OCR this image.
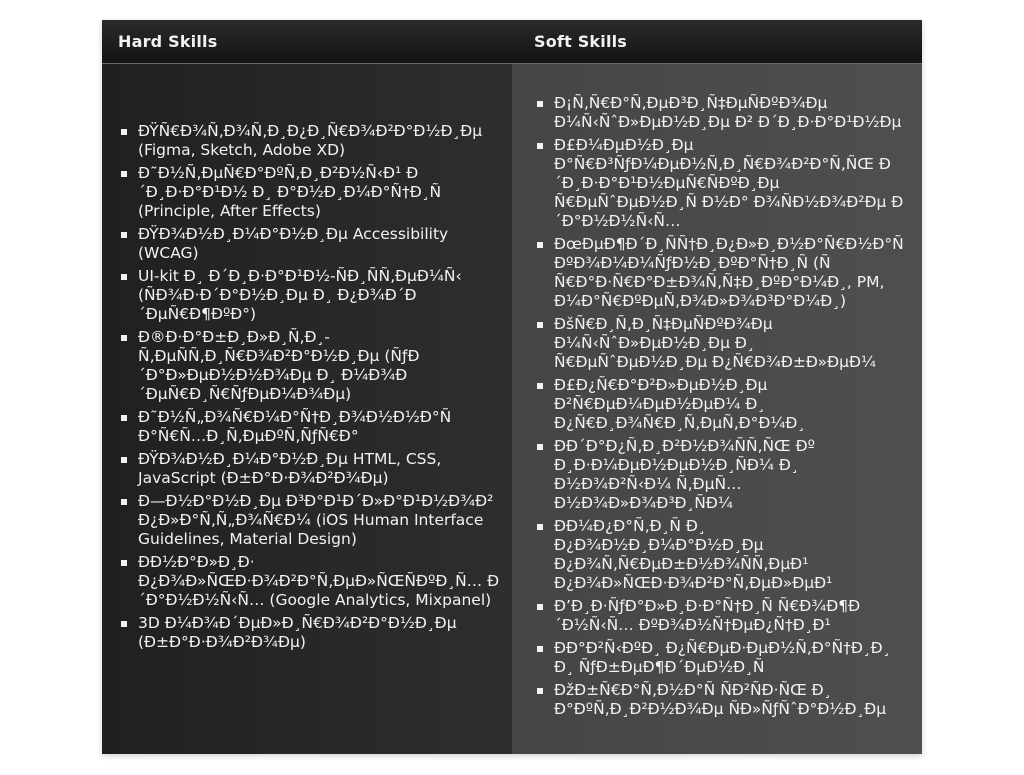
Hard Skills	Soft Skills
ÐŸÑ€Ð¾Ñ‚Ð¾Ñ‚Ð¸Ð¿Ð¸Ñ€Ð¾Ð²Ð°Ð½Ð¸Ðµ (Figma, Sketch, Adobe XD)
Ð˜Ð½Ñ‚ÐµÑ€Ð°ÐºÑ‚Ð¸Ð²Ð½Ñ‹Ð¹ Ð´Ð¸Ð·Ð°Ð¹Ð½ Ð¸ Ð°Ð½Ð¸Ð¼Ð°Ñ†Ð¸Ñ (Principle, After Effects)
ÐŸÐ¾Ð½Ð¸Ð¼Ð°Ð½Ð¸Ðµ Accessibility (WCAG)
UI-kit Ð¸ Ð´Ð¸Ð·Ð°Ð¹Ð½-ÑÐ¸ÑÑ‚ÐµÐ¼Ñ‹ (ÑÐ¾Ð·Ð´Ð°Ð½Ð¸Ðµ Ð¸ Ð¿Ð¾Ð´Ð´ÐµÑ€Ð¶ÐºÐ°)
Ð®Ð·Ð°Ð±Ð¸Ð»Ð¸Ñ‚Ð¸-Ñ‚ÐµÑÑ‚Ð¸Ñ€Ð¾Ð²Ð°Ð½Ð¸Ðµ (ÑƒÐ´Ð°Ð»ÐµÐ½Ð½Ð¾Ðµ Ð¸ Ð¼Ð¾Ð´ÐµÑ€Ð¸Ñ€ÑƒÐµÐ¼Ð¾Ðµ)
Ð˜Ð½Ñ„Ð¾Ñ€Ð¼Ð°Ñ†Ð¸Ð¾Ð½Ð½Ð°Ñ Ð°Ñ€Ñ…Ð¸Ñ‚ÐµÐºÑ‚ÑƒÑ€Ð°
ÐŸÐ¾Ð½Ð¸Ð¼Ð°Ð½Ð¸Ðµ HTML, CSS, JavaScript (Ð±Ð°Ð·Ð¾Ð²Ð¾Ðµ)
Ð—Ð½Ð°Ð½Ð¸Ðµ Ð³Ð°Ð¹Ð´Ð»Ð°Ð¹Ð½Ð¾Ð² Ð¿Ð»Ð°Ñ‚Ñ„Ð¾Ñ€Ð¼ (iOS Human Interface Guidelines, Material Design)
ÐÐ½Ð°Ð»Ð¸Ð· Ð¿Ð¾Ð»ÑŒÐ·Ð¾Ð²Ð°Ñ‚ÐµÐ»ÑŒÑÐºÐ¸Ñ… Ð´Ð°Ð½Ð½Ñ‹Ñ… (Google Analytics, Mixpanel)
3D Ð¼Ð¾Ð´ÐµÐ»Ð¸Ñ€Ð¾Ð²Ð°Ð½Ð¸Ðµ (Ð±Ð°Ð·Ð¾Ð²Ð¾Ðµ)
Ð¡Ñ‚Ñ€Ð°Ñ‚ÐµÐ³Ð¸Ñ‡ÐµÑÐºÐ¾Ðµ Ð¼Ñ‹ÑˆÐ»ÐµÐ½Ð¸Ðµ Ð² Ð´Ð¸Ð·Ð°Ð¹Ð½Ðµ
Ð£Ð¼ÐµÐ½Ð¸Ðµ Ð°Ñ€Ð³ÑƒÐ¼ÐµÐ½Ñ‚Ð¸Ñ€Ð¾Ð²Ð°Ñ‚ÑŒ Ð´Ð¸Ð·Ð°Ð¹Ð½ÐµÑ€ÑÐºÐ¸Ðµ Ñ€ÐµÑˆÐµÐ½Ð¸Ñ Ð½Ð° Ð¾ÑÐ½Ð¾Ð²Ðµ Ð´Ð°Ð½Ð½Ñ‹Ñ…
ÐœÐµÐ¶Ð´Ð¸ÑÑ†Ð¸Ð¿Ð»Ð¸Ð½Ð°Ñ€Ð½Ð°Ñ ÐºÐ¾Ð¼Ð¼ÑƒÐ½Ð¸ÐºÐ°Ñ†Ð¸Ñ (Ñ Ñ€Ð°Ð·Ñ€Ð°Ð±Ð¾Ñ‚Ñ‡Ð¸ÐºÐ°Ð¼Ð¸, PM, Ð¼Ð°Ñ€ÐºÐµÑ‚Ð¾Ð»Ð¾Ð³Ð°Ð¼Ð¸)
ÐšÑ€Ð¸Ñ‚Ð¸Ñ‡ÐµÑÐºÐ¾Ðµ Ð¼Ñ‹ÑˆÐ»ÐµÐ½Ð¸Ðµ Ð¸ Ñ€ÐµÑˆÐµÐ½Ð¸Ðµ Ð¿Ñ€Ð¾Ð±Ð»ÐµÐ¼
Ð£Ð¿Ñ€Ð°Ð²Ð»ÐµÐ½Ð¸Ðµ Ð²Ñ€ÐµÐ¼ÐµÐ½ÐµÐ¼ Ð¸ Ð¿Ñ€Ð¸Ð¾Ñ€Ð¸Ñ‚ÐµÑ‚Ð°Ð¼Ð¸
ÐÐ´Ð°Ð¿Ñ‚Ð¸Ð²Ð½Ð¾ÑÑ‚ÑŒ Ðº Ð¸Ð·Ð¼ÐµÐ½ÐµÐ½Ð¸ÑÐ¼ Ð¸ Ð½Ð¾Ð²Ñ‹Ð¼ Ñ‚ÐµÑ…Ð½Ð¾Ð»Ð¾Ð³Ð¸ÑÐ¼
ÐÐ¼Ð¿Ð°Ñ‚Ð¸Ñ Ð¸ Ð¿Ð¾Ð½Ð¸Ð¼Ð°Ð½Ð¸Ðµ Ð¿Ð¾Ñ‚Ñ€ÐµÐ±Ð½Ð¾ÑÑ‚ÐµÐ¹ Ð¿Ð¾Ð»ÑŒÐ·Ð¾Ð²Ð°Ñ‚ÐµÐ»ÐµÐ¹
Ð’Ð¸Ð·ÑƒÐ°Ð»Ð¸Ð·Ð°Ñ†Ð¸Ñ Ñ€Ð¾Ð¶Ð´Ð½Ñ‹Ñ… ÐºÐ¾Ð½Ñ†ÐµÐ¿Ñ†Ð¸Ð¹
ÐÐ°Ð²Ñ‹ÐºÐ¸ Ð¿Ñ€ÐµÐ·ÐµÐ½Ñ‚Ð°Ñ†Ð¸Ð¸ Ð¸ ÑƒÐ±ÐµÐ¶Ð´ÐµÐ½Ð¸Ñ
ÐžÐ±Ñ€Ð°Ñ‚Ð½Ð°Ñ ÑÐ²ÑÐ·ÑŒ Ð¸ Ð°ÐºÑ‚Ð¸Ð²Ð½Ð¾Ðµ ÑÐ»ÑƒÑˆÐ°Ð½Ð¸Ðµ
